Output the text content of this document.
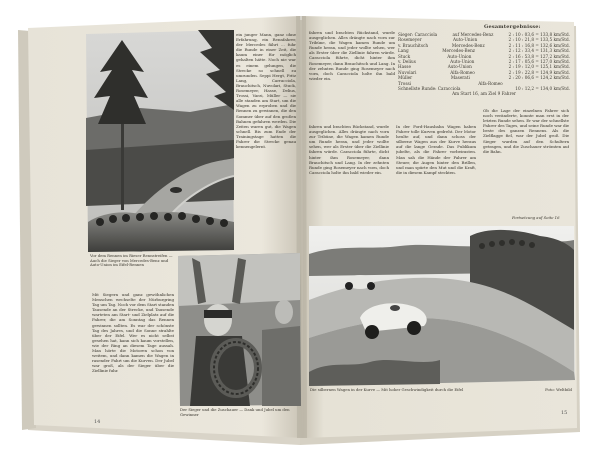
ein junger Mann, ganz ohne Erfahrung, ein Rennfahrer, der Mercedes fährt ... fuhr die Runde in einer Zeit, die kaum einer für möglich gehalten hätte. Noch nie war es einem gelungen, die Strecke so schnell zu umrunden. Seppi Hergt, Fritz Lang, Carracciola, Brauchitsch, Nuvolari, Stuck, Rosemeyer, Hasse, Delius, Trossi, Varzi, Müller — sie alle standen am Start, um die Wagen zu erproben und die Rennen zu gewinnen, die den Sommer über auf den großen Bahnen gefahren werden. Die Zeiten waren gut, die Wagen schnell. Bis zum Ende der Trainingstage hatten die Fahrer die Strecke genau kennengelernt.
Vor dem Rennen im Rieser Rennstreifen — Auch die Sieger von Mercedes-Benz und Auto-Union im Eifel-Rennen
Mit Siegern und ganz gewöhnlichen Menschen wechselte der Nürburgring Tag um Tag. Noch vor dem Start standen Tausende an der Strecke, und Tausende warteten am Start- und Zielplatz auf die Fahrer, die am Sonntag das Rennen gewinnen sollten. Es war der schönste Tag des Jahres, und die Sonne strahlte über der Eifel. Wer es nicht selbst gesehen hat, kann sich kaum vorstellen, wie der Ring an diesem Tage aussah. Man hörte die Motoren schon von weitem, und dann kamen die Wagen in rasender Fahrt um die Kurven. Der Jubel war groß, als der Sieger über die Ziellinie fuhr.
Der Sieger und die Zuschauer — Dank und Jubel um den Gewinner
14
Gesamtergebnisse:
Sieger: Caracciola	auf Mercedes-Benz	2 : 10 : 03,6 = 133,8 km/Std.
Rosemeyer	Auto-Union	2 : 10 : 21,8 = 133,5 km/Std.
v. Brauchitsch	Mercedes-Benz	2 : 11 : 16,8 = 132,6 km/Std.
Lang	Mercedes-Benz	2 : 12 : 33,4 = 131,3 km/Std.
Stuck	Auto-Union	2 : 16 : 53,8 = 127,2 km/Std.
v. Delius	Auto-Union	2 : 17 : 05,6 = 127,0 km/Std.
Hasse	Auto-Union	2 : 19 : 12,0 = 125,1 km/Std.
Nuvolari	Alfa-Romeo	2 : 19 : 22,8 = 124,9 km/Std.
Müller	Maserati	2 : 20 : 06,6 = 124,2 km/Std.
Trossi	Alfa-Romeo
Schnellste Runde: Caracciola	10 : 12,2 = 134,0 km/Std.
Am Start 16, am Ziel 9 Fahrer
fahren und brachten Rückstand, wurde ausgeglichen. Alles drängte nach vorn zur Tribüne, die Wagen kamen Runde um Runde heran, und jeder wollte sehen, wer als Erster über die Ziellinie fahren würde. Caracciola führte, dicht hinter ihm Rosemeyer, dann Brauchitsch und Lang. In der zehnten Runde ging Rosemeyer nach vorn, doch Caracciola holte ihn bald wieder ein.
fahren und brachten Rückstand, wurde ausgeglichen. Alles drängte nach vorn zur Tribüne, die Wagen kamen Runde um Runde heran, und jeder wollte sehen, wer als Erster über die Ziellinie fahren würde. Caracciola führte, dicht hinter ihm Rosemeyer, dann Brauchitsch und Lang. In der zehnten Runde ging Rosemeyer nach vorn, doch Caracciola holte ihn bald wieder ein.
In der Ford-Hausbahn Wagen haben Fahrer tolle Kurven gedreht. Der Motor heulte auf, und dann schoss der silberne Wagen aus der Kurve heraus auf die lange Gerade. Das Publikum jubelte, als die Fahrer vorbeirasten. Man sah die Hände der Fahrer am Steuer, die Augen hinter den Brillen, und man spürte den Mut und die Kraft, die in diesem Kampf steckten.
Ob die Lage der einzelnen Fahrer sich noch veränderte, konnte man erst in der letzten Runde sehen. Er war der schnellste Fahrer des Tages, und seine Runde war die beste des ganzen Rennens. Als die Zielflagge fiel, war der Jubel groß. Die Sieger wurden auf den Schultern getragen, und die Zuschauer strömten auf die Bahn.
Fortsetzung auf Seite 16
Die silbernen Wagen in der Kurve — Mit hoher Geschwindigkeit durch die Eifel	Foto: Weltbild
15
